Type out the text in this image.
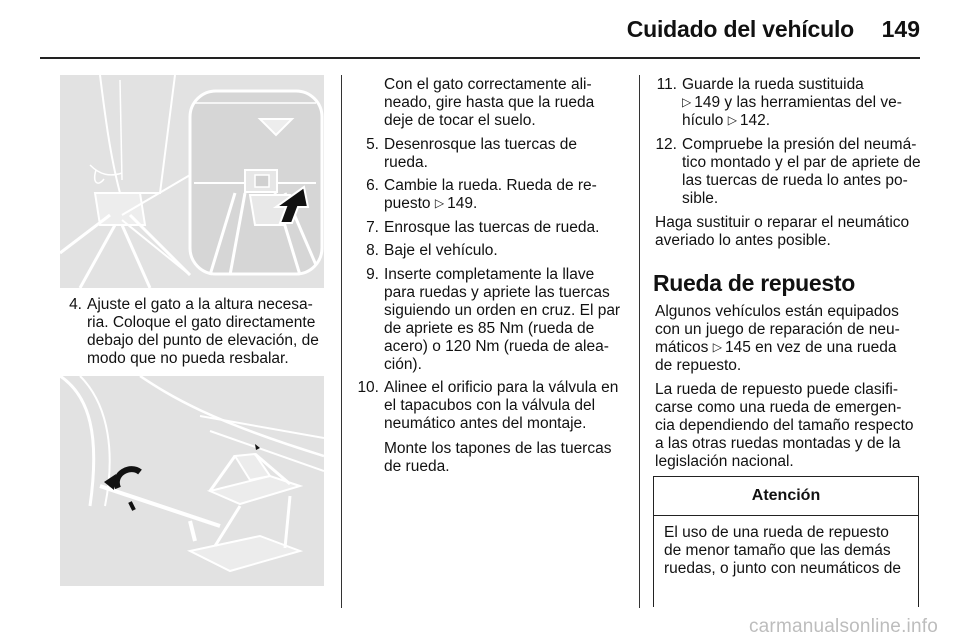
Cuidado del vehículo 149
4. Ajuste el gato a la altura necesa-
ria. Coloque el gato directamente
debajo del punto de elevación, de
modo que no pueda resbalar.
Con el gato correctamente ali-
neado, gire hasta que la rueda
deje de tocar el suelo.
5. Desenrosque las tuercas de
rueda.
6. Cambie la rueda. Rueda de re-
puesto ▷ 149.
7. Enrosque las tuercas de rueda.
8. Baje el vehículo.
9. Inserte completamente la llave
para ruedas y apriete las tuercas
siguiendo un orden en cruz. El par
de apriete es 85 Nm (rueda de
acero) o 120 Nm (rueda de alea-
ción).
10. Alinee el orificio para la válvula en
el tapacubos con la válvula del
neumático antes del montaje.
Monte los tapones de las tuercas
de rueda.
11. Guarde la rueda sustituida
▷ 149 y las herramientas del ve-
hículo ▷ 142.
12. Compruebe la presión del neumá-
tico montado y el par de apriete de
las tuercas de rueda lo antes po-
sible.
Haga sustituir o reparar el neumático
averiado lo antes posible.
Rueda de repuesto
Algunos vehículos están equipados
con un juego de reparación de neu-
máticos ▷ 145 en vez de una rueda
de repuesto.
La rueda de repuesto puede clasifi-
carse como una rueda de emergen-
cia dependiendo del tamaño respecto
a las otras ruedas montadas y de la
legislación nacional.
Atención
El uso de una rueda de repuesto
de menor tamaño que las demás
ruedas, o junto con neumáticos de
carmanualsonline.info
